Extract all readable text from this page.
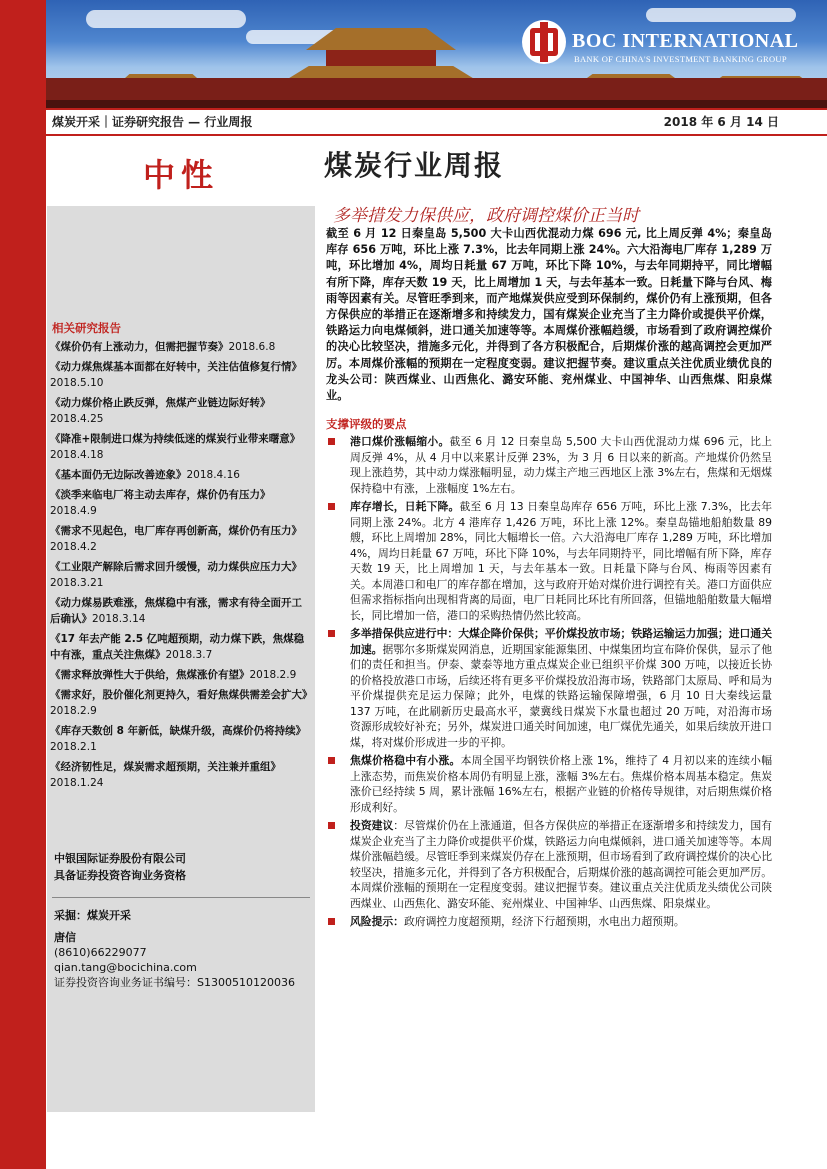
BOC INTERNATIONAL
BANK OF CHINA'S INVESTMENT BANKING GROUP
煤炭开采｜证券研究报告 — 行业周报	2018 年 6 月 14 日
中性
相关研究报告
《煤价仍有上涨动力，但需把握节奏》2018.6.8
《动力煤焦煤基本面都在好转中，关注估值修复行情》2018.5.10
《动力煤价格止跌反弹，焦煤产业链边际好转》2018.4.25
《降准+限制进口煤为持续低迷的煤炭行业带来曙意》2018.4.18
《基本面仍无边际改善迹象》2018.4.16
《淡季来临电厂将主动去库存，煤价仍有压力》2018.4.9
《需求不见起色，电厂库存再创新高，煤价仍有压力》2018.4.2
《工业限产解除后需求回升缓慢，动力煤供应压力大》2018.3.21
《动力煤易跌难涨，焦煤稳中有涨，需求有待全面开工后确认》2018.3.14
《17 年去产能 2.5 亿吨超预期，动力煤下跌，焦煤稳中有涨，重点关注焦煤》2018.3.7
《需求释放弹性大于供给，焦煤涨价有望》2018.2.9
《需求好，股价催化剂更持久，看好焦煤供需差会扩大》2018.2.9
《库存天数创 8 年新低，缺煤升级，高煤价仍将持续》2018.2.1
《经济韧性足，煤炭需求超预期，关注兼并重组》2018.1.24
中银国际证券股份有限公司
具备证券投资咨询业务资格
采掘：煤炭开采
唐信
(8610)66229077
qian.tang@bocichina.com
证券投资咨询业务证书编号：S1300510120036
煤炭行业周报
多举措发力保供应，政府调控煤价正当时
截至 6 月 12 日秦皇岛 5,500 大卡山西优混动力煤 696 元, 比上周反弹 4%；秦皇岛库存 656 万吨，环比上涨 7.3%，比去年同期上涨 24%。六大沿海电厂库存 1,289 万吨，环比增加 4%，周均日耗量 67 万吨，环比下降 10%，与去年同期持平，同比增幅有所下降，库存天数 19 天，比上周增加 1 天，与去年基本一致。日耗量下降与台风、梅雨等因素有关。尽管旺季到来，而产地煤炭供应受到环保制约，煤价仍有上涨预期，但各方保供应的举措正在逐渐增多和持续发力，国有煤炭企业充当了主力降价或提供平价煤，铁路运力向电煤倾斜，进口通关加速等等。本周煤价涨幅趋缓，市场看到了政府调控煤价的决心比较坚决，措施多元化，并得到了各方积极配合，后期煤价涨的越高调控会更加严厉。本周煤价涨幅的预期在一定程度变弱。建议把握节奏。建议重点关注优质业绩优良的龙头公司：陕西煤业、山西焦化、潞安环能、兖州煤业、中国神华、山西焦煤、阳泉煤业。
支撑评级的要点
港口煤价涨幅缩小。截至 6 月 12 日秦皇岛 5,500 大卡山西优混动力煤 696 元，比上周反弹 4%，从 4 月中以来累计反弹 23%，为 3 月 6 日以来的新高。产地煤价仍然呈现上涨趋势，其中动力煤涨幅明显，动力煤主产地三西地区上涨 3%左右，焦煤和无烟煤保持稳中有涨，上涨幅度 1%左右。
库存增长，日耗下降。截至 6 月 13 日秦皇岛库存 656 万吨，环比上涨 7.3%，比去年同期上涨 24%。北方 4 港库存 1,426 万吨，环比上涨 12%。秦皇岛锚地船舶数量 89 艘，环比上周增加 28%，同比大幅增长一倍。六大沿海电厂库存 1,289 万吨，环比增加 4%，周均日耗量 67 万吨，环比下降 10%，与去年同期持平，同比增幅有所下降，库存天数 19 天，比上周增加 1 天，与去年基本一致。日耗量下降与台风、梅雨等因素有关。本周港口和电厂的库存都在增加，这与政府开始对煤价进行调控有关。港口方面供应但需求指标指向出现相背离的局面，电厂日耗同比环比有所回落，但锚地船舶数量大幅增长，同比增加一倍，港口的采购热情仍然比较高。
多举措保供应进行中：大煤企降价保供；平价煤投放市场；铁路运输运力加强；进口通关加速。据鄂尔多斯煤炭网消息，近期国家能源集团、中煤集团均宣布降价保供，显示了他们的责任和担当。伊泰、蒙泰等地方重点煤炭企业已组织平价煤 300 万吨，以接近长协的价格投放港口市场，后续还将有更多平价煤投放沿海市场，铁路部门太原局、呼和局为平价煤提供充足运力保障；此外，电煤的铁路运输保障增强，6 月 10 日大秦线运量 137 万吨，在此刷新历史最高水平，蒙冀线日煤炭下水量也超过 20 万吨，对沿海市场资源形成较好补充；另外，煤炭进口通关时间加速，电厂煤优先通关，如果后续放开进口煤，将对煤价形成进一步的平抑。
焦煤价格稳中有小涨。本周全国平均钢铁价格上涨 1%，维持了 4 月初以来的连续小幅上涨态势，而焦炭价格本周仍有明显上涨，涨幅 3%左右。焦煤价格本周基本稳定。焦炭涨价已经持续 5 周，累计涨幅 16%左右，根据产业链的价格传导规律，对后期焦煤价格形成利好。
投资建议：尽管煤价仍在上涨通道，但各方保供应的举措正在逐渐增多和持续发力，国有煤炭企业充当了主力降价或提供平价煤，铁路运力向电煤倾斜，进口通关加速等等。本周煤价涨幅趋缓。尽管旺季到来煤炭仍存在上涨预期，但市场看到了政府调控煤价的决心比较坚决，措施多元化，并得到了各方积极配合，后期煤价涨的越高调控可能会更加严厉。本周煤价涨幅的预期在一定程度变弱。建议把握节奏。建议重点关注优质龙头绩优公司陕西煤业、山西焦化、潞安环能、兖州煤业、中国神华、山西焦煤、阳泉煤业。
风险提示：政府调控力度超预期，经济下行超预期，水电出力超预期。
